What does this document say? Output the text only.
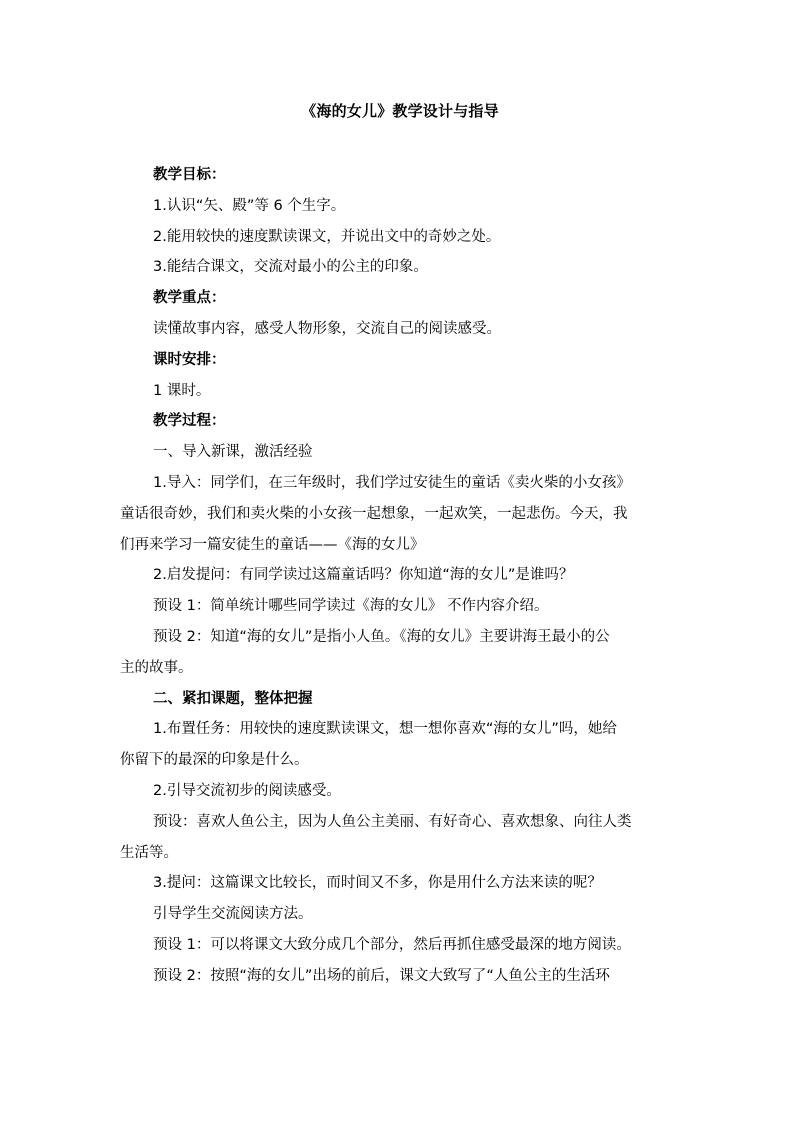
《海的女儿》教学设计与指导
教学目标：
1.认识“矢、殿”等 6 个生字。
2.能用较快的速度默读课文，并说出文中的奇妙之处。
3.能结合课文，交流对最小的公主的印象。
教学重点：
读懂故事内容，感受人物形象，交流自己的阅读感受。
课时安排：
1 课时。
教学过程：
一、导入新课，激活经验
1.导入：同学们，在三年级时，我们学过安徒生的童话《卖火柴的小女孩》
童话很奇妙，我们和卖火柴的小女孩一起想象，一起欢笑，一起悲伤。今天，我
们再来学习一篇安徒生的童话——《海的女儿》
2.启发提问：有同学读过这篇童话吗？你知道“海的女儿”是谁吗？
预设 1：简单统计哪些同学读过《海的女儿》 不作内容介绍。
预设 2：知道“海的女儿”是指小人鱼。《海的女儿》主要讲海王最小的公
主的故事。
二、紧扣课题，整体把握
1.布置任务：用较快的速度默读课文，想一想你喜欢“海的女儿”吗，她给
你留下的最深的印象是什么。
2.引导交流初步的阅读感受。
预设：喜欢人鱼公主，因为人鱼公主美丽、有好奇心、喜欢想象、向往人类
生活等。
3.提问：这篇课文比较长，而时间又不多，你是用什么方法来读的呢？
引导学生交流阅读方法。
预设 1：可以将课文大致分成几个部分，然后再抓住感受最深的地方阅读。
预设 2：按照“海的女儿”出场的前后，课文大致写了“人鱼公主的生活环
